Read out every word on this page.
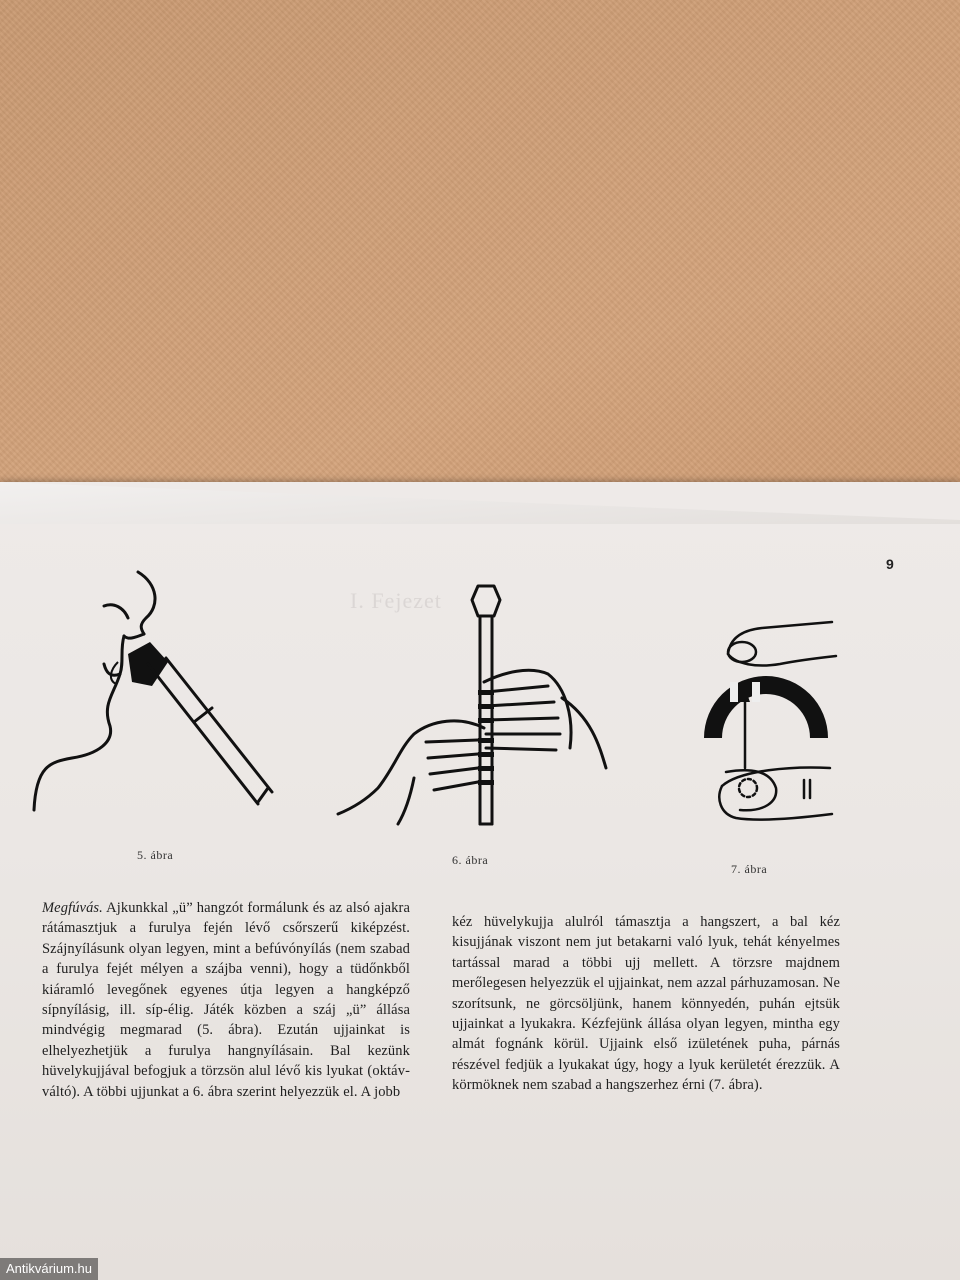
I. Fejezet
9
5. ábra	6. ábra
7. ábra

Megfúvás. Ajkunkkal „ü” hangzót formálunk és az alsó ajakra rátámasztjuk a furulya fején lévő csőrszerű kiképzést. Szájnyílásunk olyan legyen, mint a befúvónyílás (nem szabad a furulya fejét mélyen a szájba venni), hogy a tüdőnkből kiáramló levegőnek egyenes útja legyen a hangképző sípnyílásig, ill. síp-élig. Játék közben a száj „ü” állása mindvégig megmarad (5. ábra). Ezután ujjainkat is elhelyezhetjük a furulya hangnyílásain. Bal kezünk hüvelykujjával befogjuk a törzsön alul lévő kis lyukat (oktáv-váltó). A többi ujjunkat a 6. ábra szerint helyezzük el. A jobb

kéz hüvelykujja alulról támasztja a hangszert, a bal kéz kisujjának viszont nem jut betakarni való lyuk, tehát kényelmes tartással marad a többi ujj mellett. A törzsre majdnem merőlegesen helyezzük el ujjainkat, nem azzal párhuzamosan. Ne szorítsunk, ne görcsöljünk, hanem könnyedén, puhán ejtsük ujjainkat a lyukakra. Kézfejünk állása olyan legyen, mintha egy almát fognánk körül. Ujjaink első izületének puha, párnás részével fedjük a lyukakat úgy, hogy a lyuk kerületét érezzük. A körmöknek nem szabad a hangszerhez érni (7. ábra).

Antikvárium.hu
